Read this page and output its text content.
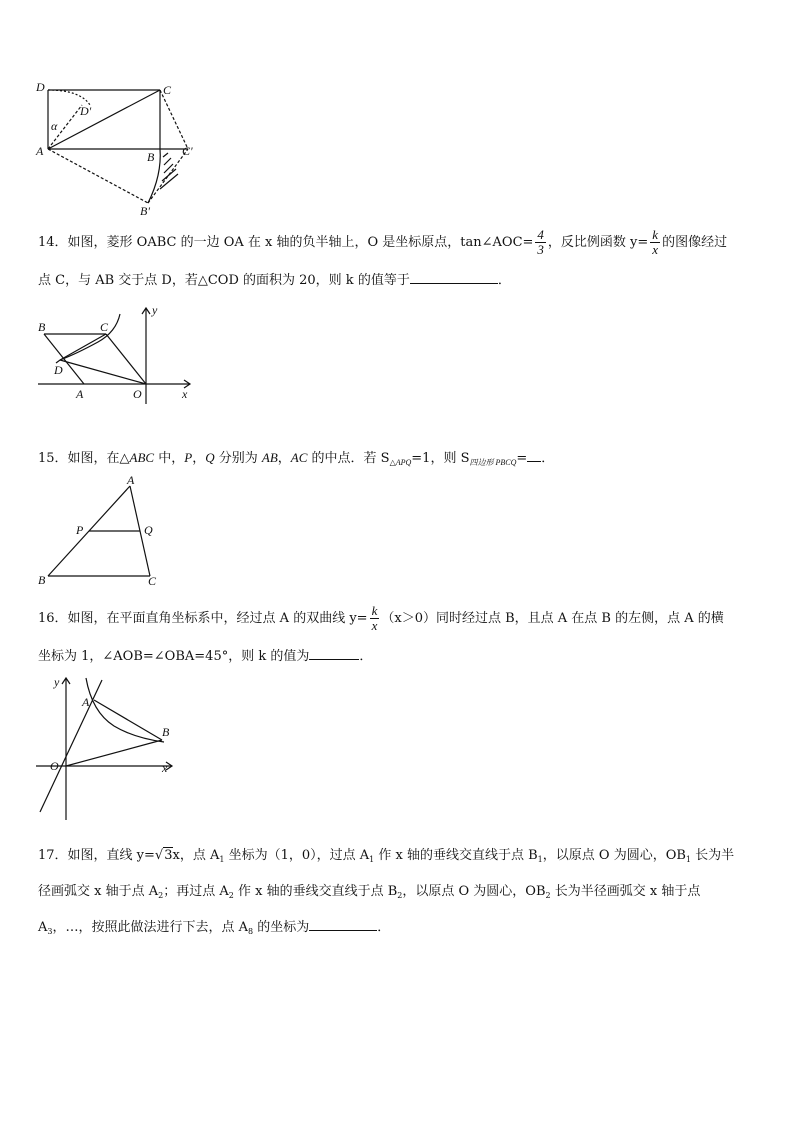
D	C
D'
α
A	B C'
B'
14．如图，菱形 OABC 的一边 OA 在 x 轴的负半轴上，O 是坐标原点，tan∠AOC= $\frac{4}{3}$ ，反比例函数 $y= \frac{k}{x}$ 的图像经过
点 C，与 AB 交于点 D，若△COD 的面积为 20，则 k 的值等于	．
y
B	C
D
A	O	x
15．如图，在△ABC 中，P，Q 分别为 AB，AC 的中点．若 $S_{\triangle APQ}=1$，则 $S_{四边形 PBCQ}=$ ．
A
P	Q
B	C
16．如图，在平面直角坐标系中，经过点 A 的双曲线 $y= \frac{k}{x} (x>0)$同时经过点 B，且点 A 在点 B 的左侧，点 A 的横
坐标为 1，∠AOB=∠OBA=45°，则 k 的值为	．
y
A
B
O	x
17．如图，直线 y=√3x，点 $A_1$ 坐标为（1，0），过点 $A_1$ 作 x 轴的垂线交直线于点 $B_1$，以原点 O 为圆心，$OB_1$ 长为半
径画弧交 x 轴于点 $A_2$；再过点 $A_2$ 作 x 轴的垂线交直线于点 $B_2$，以原点 O 为圆心，$OB_2$ 长为半径画弧交 x 轴于点
$A_3$，…，按照此做法进行下去，点 $A_8$ 的坐标为	．
